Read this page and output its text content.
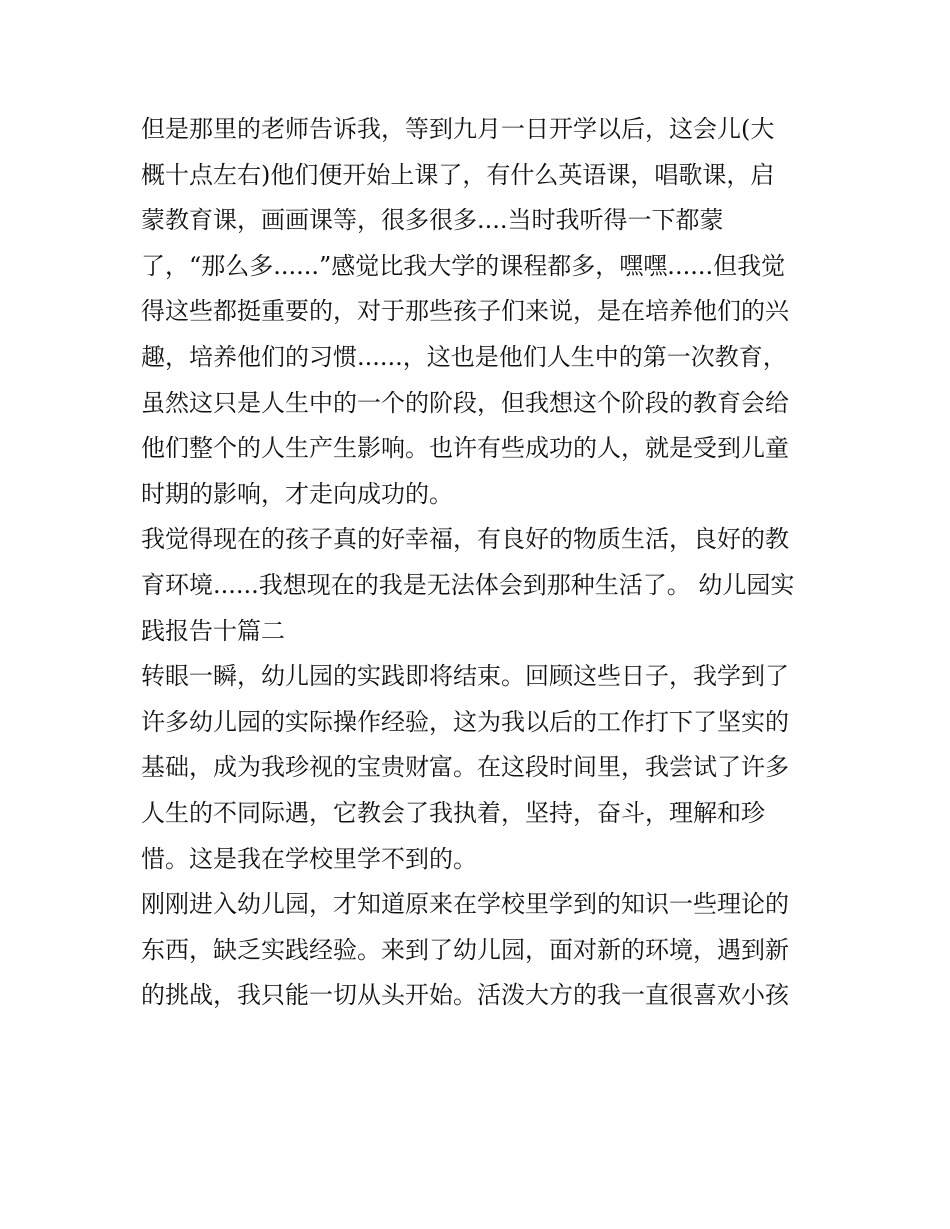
但是那里的老师告诉我，等到九月一日开学以后，这会儿(大
概十点左右)他们便开始上课了，有什么英语课，唱歌课，启
蒙教育课，画画课等，很多很多....当时我听得一下都蒙
了，“那么多......”感觉比我大学的课程都多，嘿嘿......但我觉
得这些都挺重要的，对于那些孩子们来说，是在培养他们的兴
趣，培养他们的习惯......，这也是他们人生中的第一次教育，
虽然这只是人生中的一个的阶段，但我想这个阶段的教育会给
他们整个的人生产生影响。也许有些成功的人，就是受到儿童
时期的影响，才走向成功的。

我觉得现在的孩子真的好幸福，有良好的物质生活，良好的教
育环境......我想现在的我是无法体会到那种生活了。 幼儿园实
践报告十篇二

转眼一瞬，幼儿园的实践即将结束。回顾这些日子，我学到了
许多幼儿园的实际操作经验，这为我以后的工作打下了坚实的
基础，成为我珍视的宝贵财富。在这段时间里，我尝试了许多
人生的不同际遇，它教会了我执着，坚持，奋斗，理解和珍
惜。这是我在学校里学不到的。

刚刚进入幼儿园，才知道原来在学校里学到的知识一些理论的
东西，缺乏实践经验。来到了幼儿园，面对新的环境，遇到新
的挑战，我只能一切从头开始。活泼大方的我一直很喜欢小孩
